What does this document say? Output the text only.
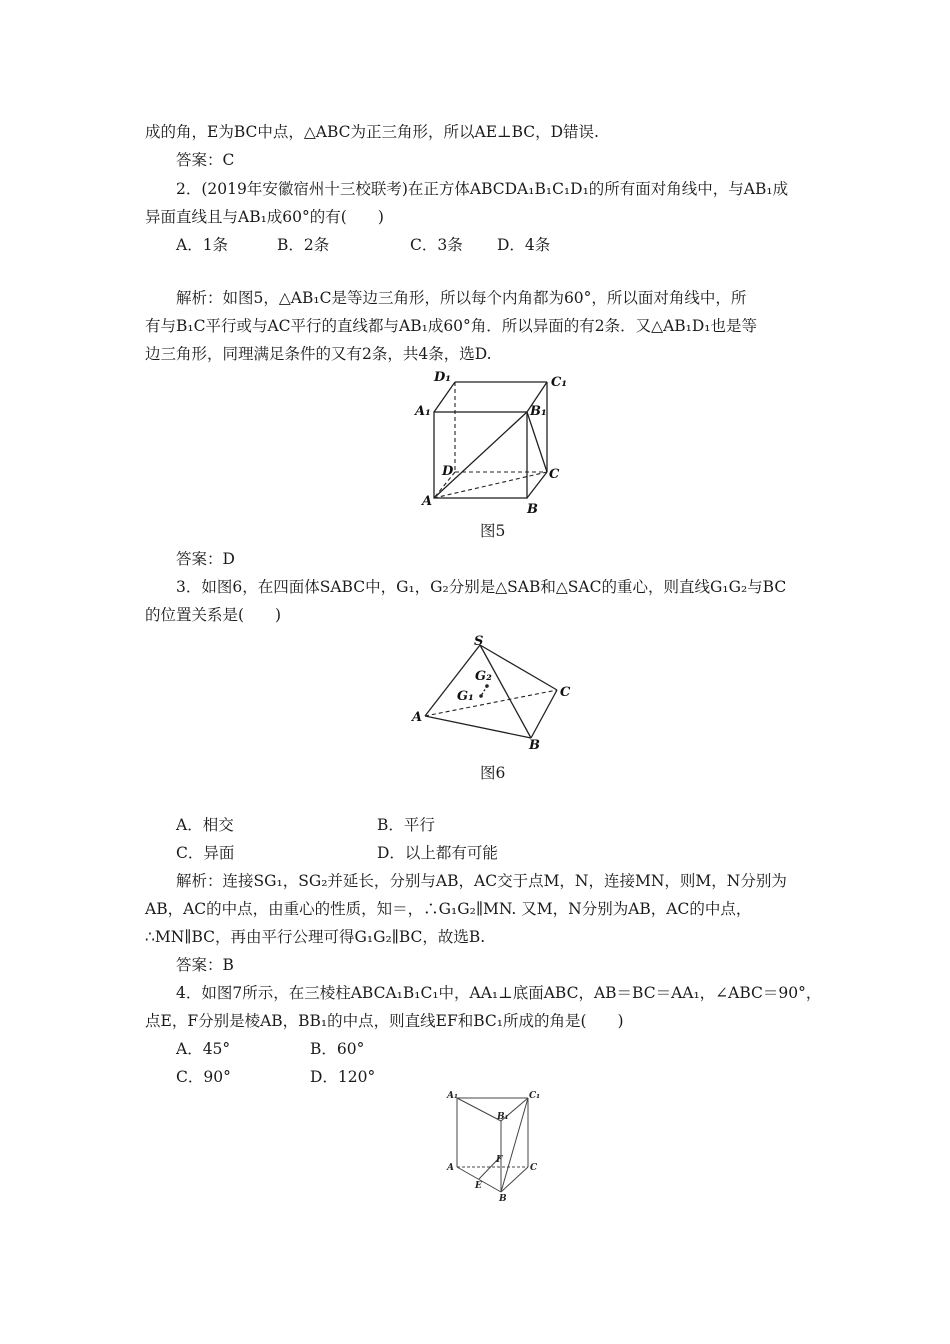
成的角，E为BC中点，△ABC为正三角形，所以AE⊥BC，D错误.
答案：C
2．(2019年安徽宿州十三校联考)在正方体ABCDA₁B₁C₁D₁的所有面对角线中，与AB₁成
异面直线且与AB₁成60°的有(　　)
A．1条	B．2条	C．3条 D．4条
解析：如图5，△AB₁C是等边三角形，所以每个内角都为60°，所以面对角线中，所
有与B₁C平行或与AC平行的直线都与AB₁成60°角．所以异面的有2条．又△AB₁D₁也是等
边三角形，同理满足条件的又有2条，共4条，选D.
D₁	C₁
A₁	B₁
D	C
A
B
图5
答案：D
3．如图6，在四面体SABC中，G₁，G₂分别是△SAB和△SAC的重心，则直线G₁G₂与BC
的位置关系是(　　)
S
G₂
G₁	C
A
B
图6
A．相交	B．平行
C．异面	D．以上都有可能
解析：连接SG₁，SG₂并延长，分别与AB，AC交于点M，N，连接MN，则M，N分别为
AB，AC的中点，由重心的性质，知＝，∴G₁G₂∥MN. 又M，N分别为AB，AC的中点，
∴MN∥BC，再由平行公理可得G₁G₂∥BC，故选B.
答案：B
4．如图7所示，在三棱柱ABCA₁B₁C₁中，AA₁⊥底面ABC，AB＝BC＝AA₁，∠ABC＝90°，
点E，F分别是棱AB，BB₁的中点，则直线EF和BC₁所成的角是(　　)
A．45°	B．60°
C．90°	D．120°
A₁	C₁
B₁
A
F
C
E
B
